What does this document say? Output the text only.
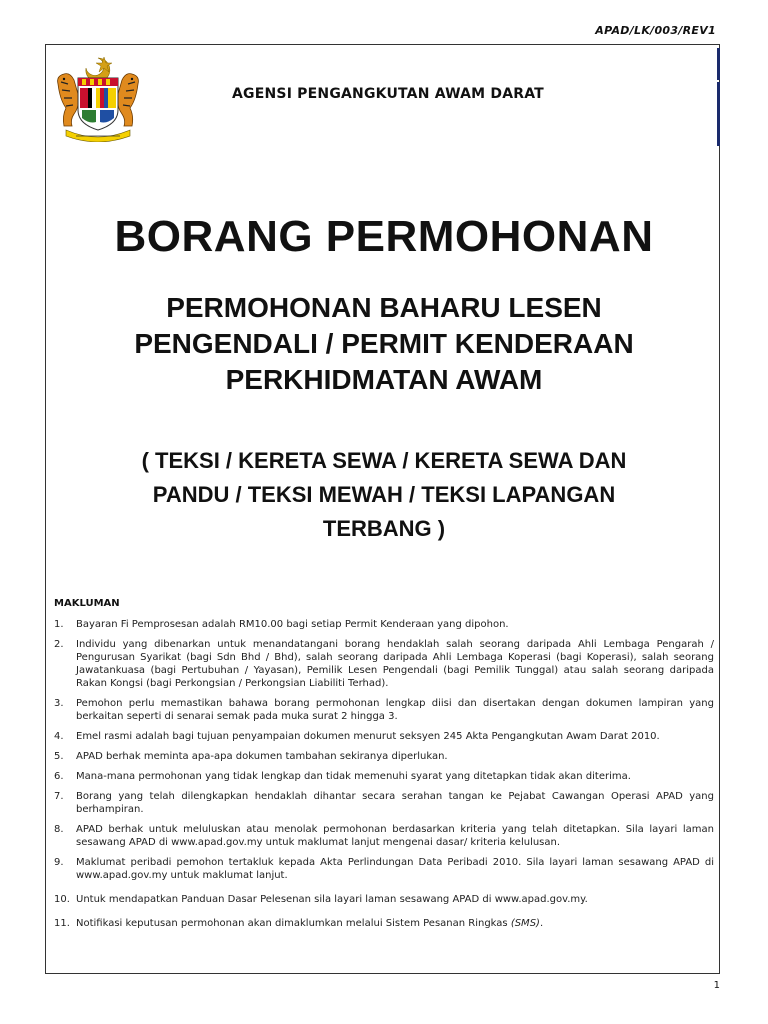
APAD/LK/003/REV1
AGENSI PENGANGKUTAN AWAM DARAT
BORANG PERMOHONAN
PERMOHONAN BAHARU LESEN
PENGENDALI / PERMIT KENDERAAN
PERKHIDMATAN AWAM
( TEKSI / KERETA SEWA / KERETA SEWA DAN
PANDU / TEKSI MEWAH / TEKSI LAPANGAN
TERBANG )
MAKLUMAN
1.	Bayaran Fi Pemprosesan adalah RM10.00 bagi setiap Permit Kenderaan yang dipohon.
2.	Individu yang dibenarkan untuk menandatangani borang hendaklah salah seorang daripada Ahli Lembaga Pengarah / Pengurusan Syarikat (bagi Sdn Bhd / Bhd), salah seorang daripada Ahli Lembaga Koperasi (bagi Koperasi), salah seorang Jawatankuasa (bagi Pertubuhan / Yayasan), Pemilik Lesen Pengendali (bagi Pemilik Tunggal) atau salah seorang daripada Rakan Kongsi (bagi Perkongsian / Perkongsian Liabiliti Terhad).
3.	Pemohon perlu memastikan bahawa borang permohonan lengkap diisi dan disertakan dengan dokumen lampiran yang berkaitan seperti di senarai semak pada muka surat 2 hingga 3.
4.	Emel rasmi adalah bagi tujuan penyampaian dokumen menurut seksyen 245 Akta Pengangkutan Awam Darat 2010.
5.	APAD berhak meminta apa-apa dokumen tambahan sekiranya diperlukan.
6.	Mana-mana permohonan yang tidak lengkap dan tidak memenuhi syarat yang ditetapkan tidak akan diterima.
7.	Borang yang telah dilengkapkan hendaklah dihantar secara serahan tangan ke Pejabat Cawangan Operasi APAD yang berhampiran.
8.	APAD berhak untuk meluluskan atau menolak permohonan berdasarkan kriteria yang telah ditetapkan. Sila layari laman sesawang APAD di www.apad.gov.my untuk maklumat lanjut mengenai dasar/ kriteria kelulusan.
9.	Maklumat peribadi pemohon tertakluk kepada Akta Perlindungan Data Peribadi 2010. Sila layari laman sesawang APAD di www.apad.gov.my untuk maklumat lanjut.
10. Untuk mendapatkan Panduan Dasar Pelesenan sila layari laman sesawang APAD di www.apad.gov.my.
11. Notifikasi keputusan permohonan akan dimaklumkan melalui Sistem Pesanan Ringkas (SMS).
1
